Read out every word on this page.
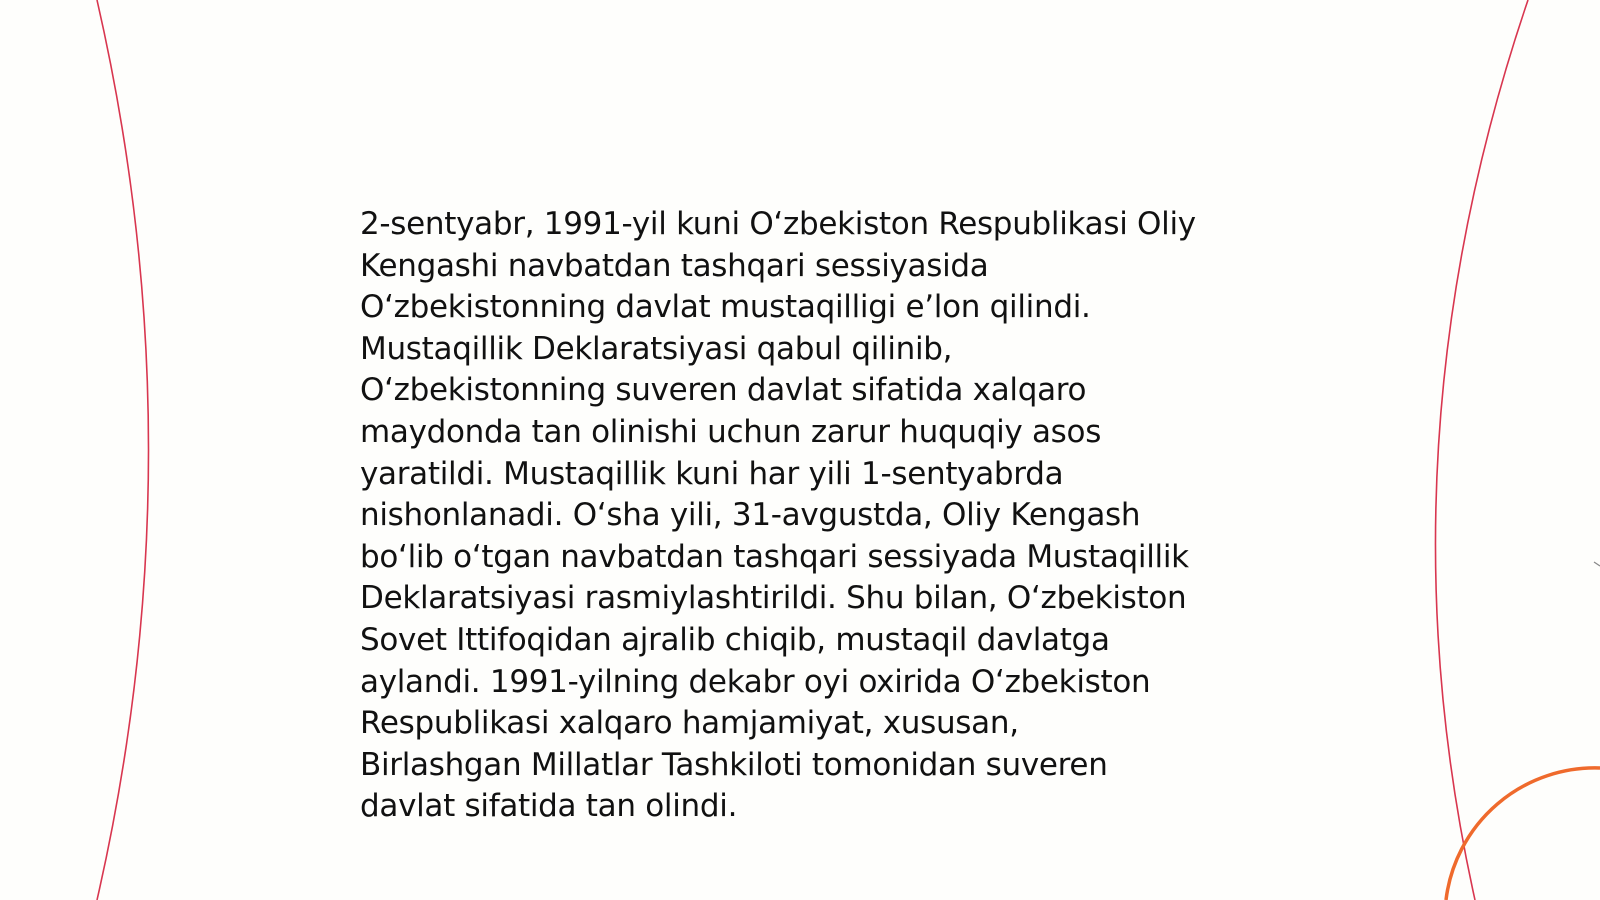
2-sentyabr, 1991-yil kuni Oʻzbekiston Respublikasi Oliy
Kengashi navbatdan tashqari sessiyasida
Oʻzbekistonning davlat mustaqilligi eʼlon qilindi.
Mustaqillik Deklaratsiyasi qabul qilinib,
Oʻzbekistonning suveren davlat sifatida xalqaro
maydonda tan olinishi uchun zarur huquqiy asos
yaratildi. Mustaqillik kuni har yili 1-sentyabrda
nishonlanadi. Oʻsha yili, 31-avgustda, Oliy Kengash
boʻlib oʻtgan navbatdan tashqari sessiyada Mustaqillik
Deklaratsiyasi rasmiylashtirildi. Shu bilan, Oʻzbekiston
Sovet Ittifoqidan ajralib chiqib, mustaqil davlatga
aylandi. 1991-yilning dekabr oyi oxirida Oʻzbekiston
Respublikasi xalqaro hamjamiyat, xususan,
Birlashgan Millatlar Tashkiloti tomonidan suveren
davlat sifatida tan olindi.
